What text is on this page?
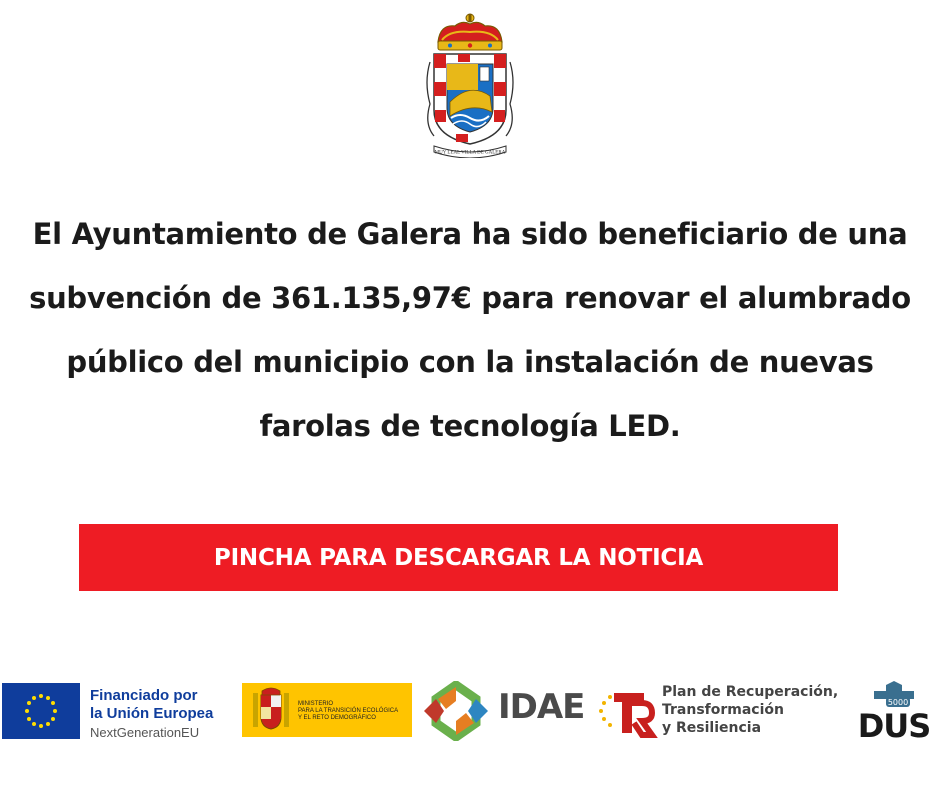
MUY LEAL VILLA DE GALERA

El Ayuntamiento de Galera ha sido beneficiario de una
subvención de 361.135,97€ para renovar el alumbrado
público del municipio con la instalación de nuevas
farolas de tecnología LED.

PINCHA PARA DESCARGAR LA NOTICIA
Financiado por
la Unión Europea
NextGenerationEU
MINISTERIO
PARA LA TRANSICIÓN ECOLÓGICA
Y EL RETO DEMOGRÁFICO	IDAE	Plan de Recuperación,
Transformación
y Resiliencia
5000
DUS
